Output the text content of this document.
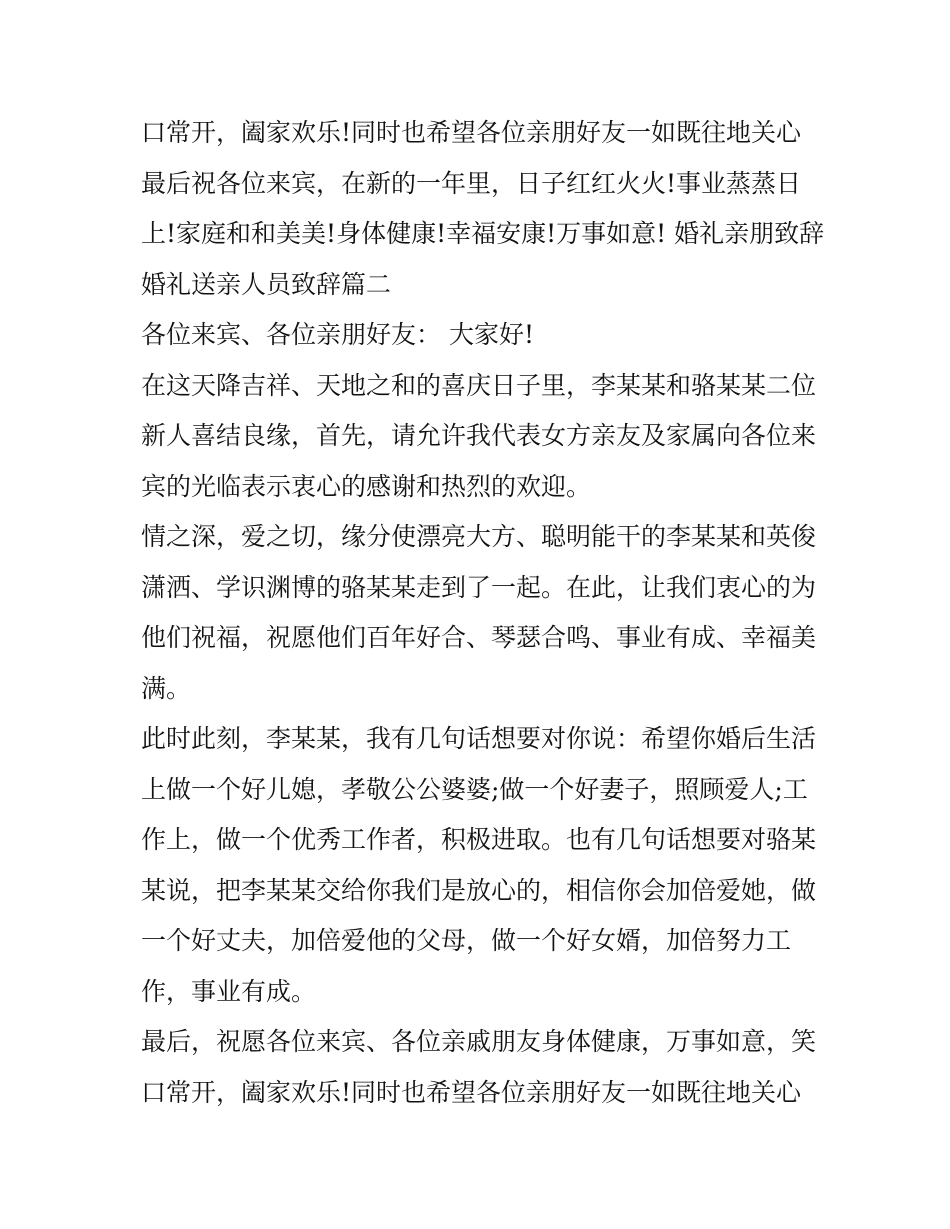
口常开，阖家欢乐!同时也希望各位亲朋好友一如既往地关心
最后祝各位来宾，在新的一年里，日子红红火火!事业蒸蒸日
上!家庭和和美美!身体健康!幸福安康!万事如意! 婚礼亲朋致辞
婚礼送亲人员致辞篇二
各位来宾、各位亲朋好友： 大家好!
在这天降吉祥、天地之和的喜庆日子里，李某某和骆某某二位
新人喜结良缘，首先，请允许我代表女方亲友及家属向各位来
宾的光临表示衷心的感谢和热烈的欢迎。
情之深，爱之切，缘分使漂亮大方、聪明能干的李某某和英俊
潇洒、学识渊博的骆某某走到了一起。在此，让我们衷心的为
他们祝福，祝愿他们百年好合、琴瑟合鸣、事业有成、幸福美
满。
此时此刻，李某某，我有几句话想要对你说：希望你婚后生活
上做一个好儿媳，孝敬公公婆婆;做一个好妻子，照顾爱人;工
作上，做一个优秀工作者，积极进取。也有几句话想要对骆某
某说，把李某某交给你我们是放心的，相信你会加倍爱她，做
一个好丈夫，加倍爱他的父母，做一个好女婿，加倍努力工
作，事业有成。
最后，祝愿各位来宾、各位亲戚朋友身体健康，万事如意，笑
口常开，阖家欢乐!同时也希望各位亲朋好友一如既往地关心
